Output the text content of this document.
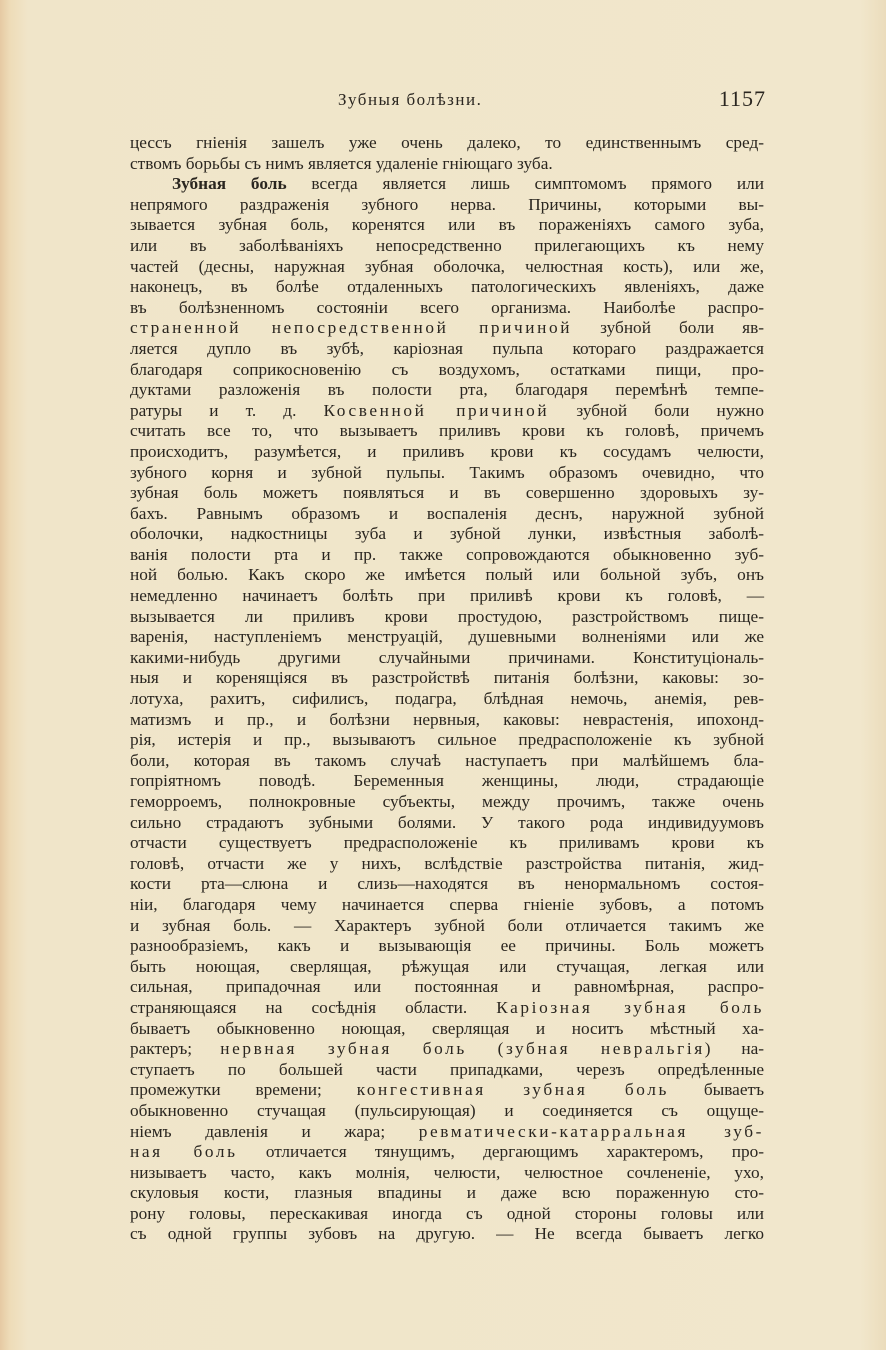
Зубныя болѣзни.	1157
цессъ гніенія зашелъ уже очень далеко, то единственнымъ сред-
ствомъ борьбы съ нимъ является удаленіе гніющаго зуба.
Зубная боль всегда является лишь симптомомъ прямого или
непрямого раздраженія зубного нерва. Причины, которыми вы-
зывается зубная боль, коренятся или въ пораженіяхъ самого зуба,
или въ заболѣваніяхъ непосредственно прилегающихъ къ нему
частей (десны, наружная зубная оболочка, челюстная кость), или же,
наконецъ, въ болѣе отдаленныхъ патологическихъ явленіяхъ, даже
въ болѣзненномъ состояніи всего организма. Наиболѣе распро-
страненной непосредственной причиной зубной боли яв-
ляется дупло въ зубѣ, каріозная пульпа котораго раздражается
благодаря соприкосновенію съ воздухомъ, остатками пищи, про-
дуктами разложенія въ полости рта, благодаря перемѣнѣ темпе-
ратуры и т. д. Косвенной причиной зубной боли нужно
считать все то, что вызываетъ приливъ крови къ головѣ, причемъ
происходитъ, разумѣется, и приливъ крови къ сосудамъ челюсти,
зубного корня и зубной пульпы. Такимъ образомъ очевидно, что
зубная боль можетъ появляться и въ совершенно здоровыхъ зу-
бахъ. Равнымъ образомъ и воспаленія деснъ, наружной зубной
оболочки, надкостницы зуба и зубной лунки, извѣстныя заболѣ-
ванія полости рта и пр. также сопровождаются обыкновенно зуб-
ной болью. Какъ скоро же имѣется полый или больной зубъ, онъ
немедленно начинаетъ болѣть при приливѣ крови къ головѣ, —
вызывается ли приливъ крови простудою, разстройствомъ пище-
варенія, наступленіемъ менструацій, душевными волненіями или же
какими-нибудь другими случайными причинами. Конституціональ-
ныя и коренящіяся въ разстройствѣ питанія болѣзни, каковы: зо-
лотуха, рахитъ, сифилисъ, подагра, блѣдная немочь, анемія, рев-
матизмъ и пр., и болѣзни нервныя, каковы: неврастенія, ипохонд-
рія, истерія и пр., вызываютъ сильное предрасположеніе къ зубной
боли, которая въ такомъ случаѣ наступаетъ при малѣйшемъ бла-
гопріятномъ поводѣ. Беременныя женщины, люди, страдающіе
геморроемъ, полнокровные субъекты, между прочимъ, также очень
сильно страдаютъ зубными болями. У такого рода индивидуумовъ
отчасти существуетъ предрасположеніе къ приливамъ крови къ
головѣ, отчасти же у нихъ, вслѣдствіе разстройства питанія, жид-
кости рта—слюна и слизь—находятся въ ненормальномъ состоя-
ніи, благодаря чему начинается сперва гніеніе зубовъ, а потомъ
и зубная боль. — Характеръ зубной боли отличается такимъ же
разнообразіемъ, какъ и вызывающія ее причины. Боль можетъ
быть ноющая, сверлящая, рѣжущая или стучащая, легкая или
сильная, припадочная или постоянная и равномѣрная, распро-
страняющаяся на сосѣднія области. Каріозная зубная боль
бываетъ обыкновенно ноющая, сверлящая и носитъ мѣстный ха-
рактеръ; нервная зубная боль (зубная невральгія) на-
ступаетъ по большей части припадками, черезъ опредѣленные
промежутки времени; конгестивная зубная боль бываетъ
обыкновенно стучащая (пульсирующая) и соединяется съ ощуще-
ніемъ давленія и жара; ревматически-катарральная зуб-
ная боль отличается тянущимъ, дергающимъ характеромъ, про-
низываетъ часто, какъ молнія, челюсти, челюстное сочлененіе, ухо,
скуловыя кости, глазныя впадины и даже всю пораженную сто-
рону головы, перескакивая иногда съ одной стороны головы или
съ одной группы зубовъ на другую. — Не всегда бываетъ легко
